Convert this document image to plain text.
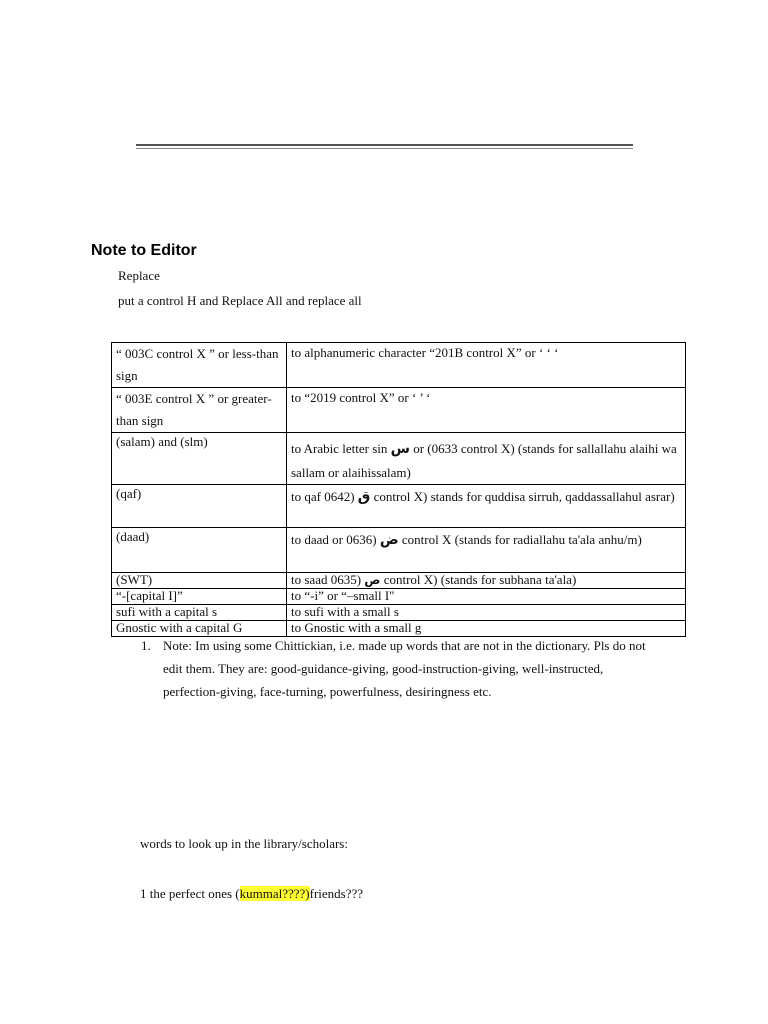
Note to Editor
Replace
put a control H and Replace All and replace all
“ 003C control X ” or less-than sign	to alphanumeric character “201B control X” or ‘ ‘ ‘
“ 003E control X ” or greater-than sign	to “2019 control X” or ‘ ’ ‘
(salam) and (slm)	to Arabic letter sin س or (0633 control X) (stands for sallallahu alaihi wa sallam or alaihissalam)
(qaf)	to qaf 0642) ق control X) stands for quddisa sirruh, qaddassallahul asrar)
(daad)	to daad or 0636) ض control X (stands for radiallahu ta'ala anhu/m)
(SWT)	to saad 0635) ص control X) (stands for subhana ta'ala)
“-[capital I]”	to “-i” or “–small I"
sufi with a capital s	to sufi with a small s
Gnostic with a capital G	to Gnostic with a small g
1. Note: Im using some Chittickian, i.e. made up words that are not in the dictionary. Pls do not edit them. They are: good-guidance-giving, good-instruction-giving, well-instructed, perfection-giving, face-turning, powerfulness, desiringness etc.
words to look up in the library/scholars:
1 the perfect ones (kummal????)friends???
